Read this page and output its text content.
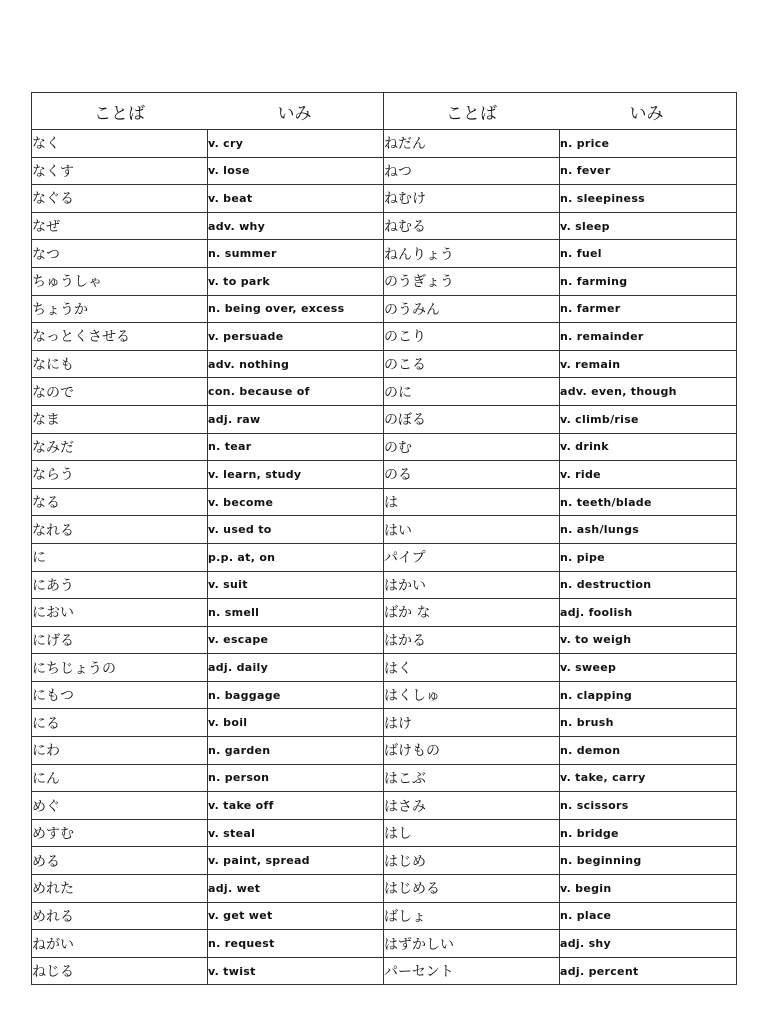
ことば	いみ	ことば	いみ
なく	v. cry	ねだん	n. price
なくす	v. lose	ねつ	n. fever
なぐる	v. beat	ねむけ	n. sleepiness
なぜ	adv. why	ねむる	v. sleep
なつ	n. summer	ねんりょう	n. fuel
ちゅうしゃ	v. to park	のうぎょう	n. farming
ちょうか	n. being over, excess	のうみん	n. farmer
なっとくさせる	v. persuade	のこり	n. remainder
なにも	adv. nothing	のこる	v. remain
なので	con. because of	のに	adv. even, though
なま	adj. raw	のぼる	v. climb/rise
なみだ	n. tear	のむ	v. drink
ならう	v. learn, study	のる	v. ride
なる	v. become	は	n. teeth/blade
なれる	v. used to	はい	n. ash/lungs
に	p.p. at, on	パイプ	n. pipe
にあう	v. suit	はかい	n. destruction
におい	n. smell	ばか な	adj. foolish
にげる	v. escape	はかる	v. to weigh
にちじょうの	adj. daily	はく	v. sweep
にもつ	n. baggage	はくしゅ	n. clapping
にる	v. boil	はけ	n. brush
にわ	n. garden	ばけもの	n. demon
にん	n. person	はこぶ	v. take, carry
めぐ	v. take off	はさみ	n. scissors
めすむ	v. steal	はし	n. bridge
める	v. paint, spread	はじめ	n. beginning
めれた	adj. wet	はじめる	v. begin
めれる	v. get wet	ばしょ	n. place
ねがい	n. request	はずかしい	adj. shy
ねじる	v. twist	パーセント	adj. percent
